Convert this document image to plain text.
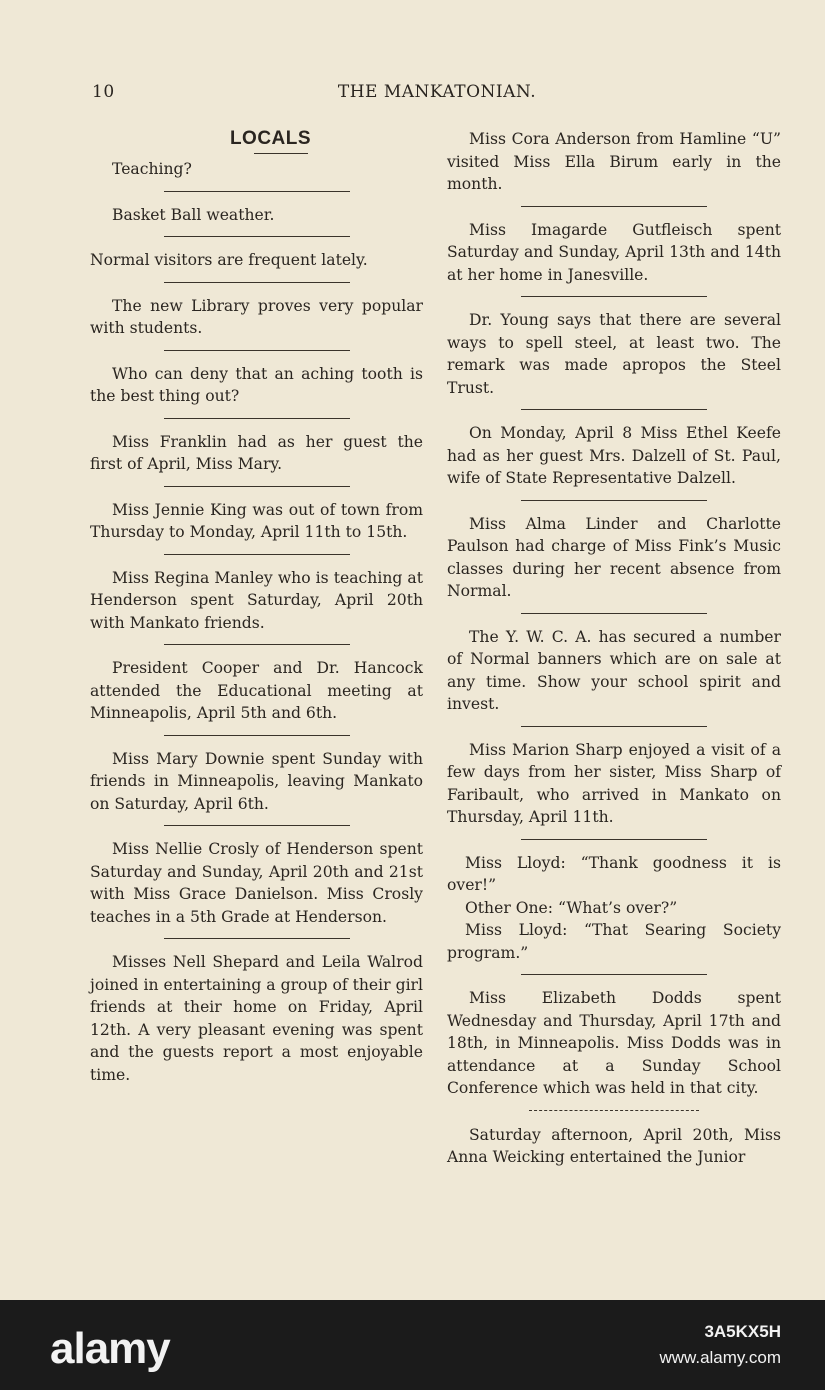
10	THE MANKATONIAN.
LOCALS

Teaching?

Basket Ball weather.

Normal visitors are frequent lately.

The new Library proves very popular with students.

Who can deny that an aching tooth is the best thing out?

Miss Franklin had as her guest the first of April, Miss Mary.

Miss Jennie King was out of town from Thursday to Monday, April 11th to 15th.

Miss Regina Manley who is teaching at Henderson spent Saturday, April 20th with Mankato friends.

President Cooper and Dr. Hancock attended the Educational meeting at Minneapolis, April 5th and 6th.

Miss Mary Downie spent Sunday with friends in Minneapolis, leaving Mankato on Saturday, April 6th.

Miss Nellie Crosly of Henderson spent Saturday and Sunday, April 20th and 21st with Miss Grace Danielson. Miss Crosly teaches in a 5th Grade at Henderson.

Misses Nell Shepard and Leila Walrod joined in entertaining a group of their girl friends at their home on Friday, April 12th. A very pleasant evening was spent and the guests report a most enjoyable time.

Miss Cora Anderson from Hamline “U” visited Miss Ella Birum early in the month.

Miss Imagarde Gutfleisch spent Saturday and Sunday, April 13th and 14th at her home in Janesville.

Dr. Young says that there are several ways to spell steel, at least two. The remark was made apropos the Steel Trust.

On Monday, April 8 Miss Ethel Keefe had as her guest Mrs. Dalzell of St. Paul, wife of State Representative Dalzell.

Miss Alma Linder and Charlotte Paulson had charge of Miss Fink’s Music classes during her recent absence from Normal.

The Y. W. C. A. has secured a number of Normal banners which are on sale at any time. Show your school spirit and invest.

Miss Marion Sharp enjoyed a visit of a few days from her sister, Miss Sharp of Faribault, who arrived in Mankato on Thursday, April 11th.

Miss Lloyd: “Thank goodness it is over!”

Other One: “What’s over?”

Miss Lloyd: “That Searing Society program.”

Miss Elizabeth Dodds spent Wednesday and Thursday, April 17th and 18th, in Minneapolis. Miss Dodds was in attendance at a Sunday School Conference which was held in that city.

Saturday afternoon, April 20th, Miss Anna Weicking entertained the Junior

alamy	3A5KX5H
www.alamy.com
